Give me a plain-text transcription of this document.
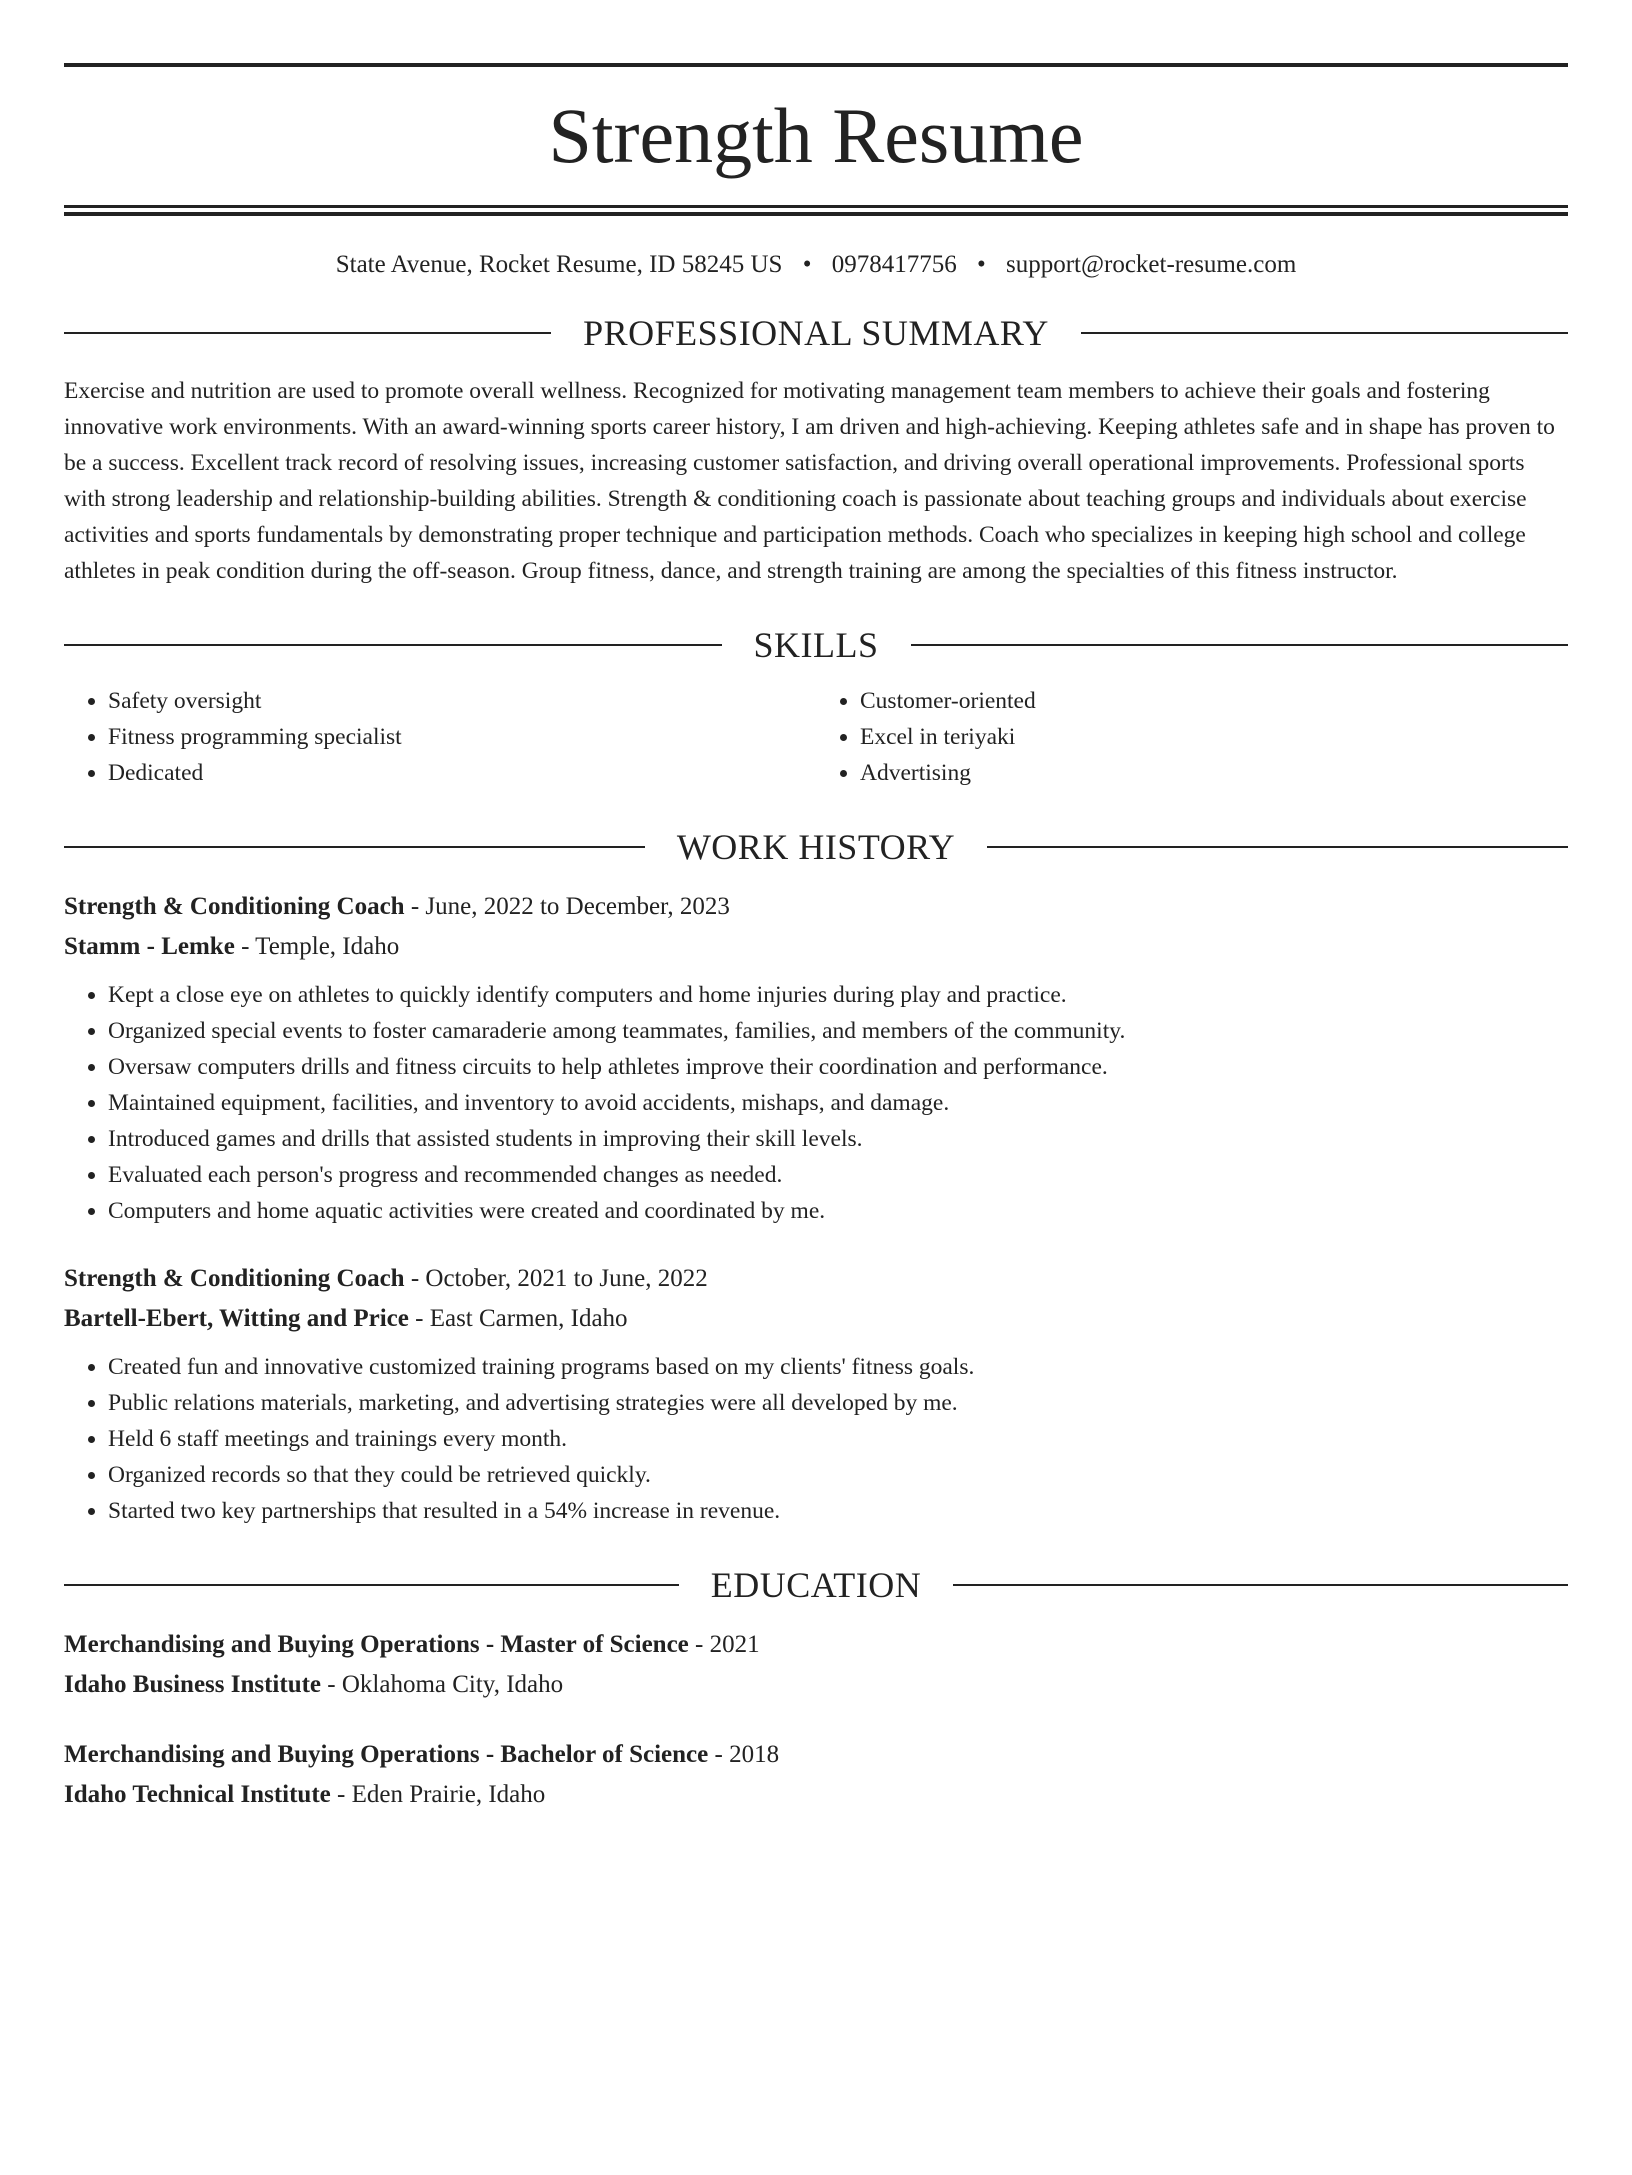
Strength Resume
State Avenue, Rocket Resume, ID 58245 US • 0978417756 • support@rocket-resume.com
PROFESSIONAL SUMMARY
Exercise and nutrition are used to promote overall wellness. Recognized for motivating management team members to achieve their goals and fostering innovative work environments. With an award-winning sports career history, I am driven and high-achieving. Keeping athletes safe and in shape has proven to be a success. Excellent track record of resolving issues, increasing customer satisfaction, and driving overall operational improvements. Professional sports with strong leadership and relationship-building abilities. Strength & conditioning coach is passionate about teaching groups and individuals about exercise activities and sports fundamentals by demonstrating proper technique and participation methods. Coach who specializes in keeping high school and college athletes in peak condition during the off-season. Group fitness, dance, and strength training are among the specialties of this fitness instructor.
SKILLS
• Safety oversight
• Fitness programming specialist
• Dedicated
• Customer-oriented
• Excel in teriyaki
• Advertising
WORK HISTORY
Strength & Conditioning Coach - June, 2022 to December, 2023
Stamm - Lemke - Temple, Idaho
• Kept a close eye on athletes to quickly identify computers and home injuries during play and practice.
• Organized special events to foster camaraderie among teammates, families, and members of the community.
• Oversaw computers drills and fitness circuits to help athletes improve their coordination and performance.
• Maintained equipment, facilities, and inventory to avoid accidents, mishaps, and damage.
• Introduced games and drills that assisted students in improving their skill levels.
• Evaluated each person's progress and recommended changes as needed.
• Computers and home aquatic activities were created and coordinated by me.
Strength & Conditioning Coach - October, 2021 to June, 2022
Bartell-Ebert, Witting and Price - East Carmen, Idaho
• Created fun and innovative customized training programs based on my clients' fitness goals.
• Public relations materials, marketing, and advertising strategies were all developed by me.
• Held 6 staff meetings and trainings every month.
• Organized records so that they could be retrieved quickly.
• Started two key partnerships that resulted in a 54% increase in revenue.
EDUCATION
Merchandising and Buying Operations - Master of Science - 2021
Idaho Business Institute - Oklahoma City, Idaho
Merchandising and Buying Operations - Bachelor of Science - 2018
Idaho Technical Institute - Eden Prairie, Idaho
